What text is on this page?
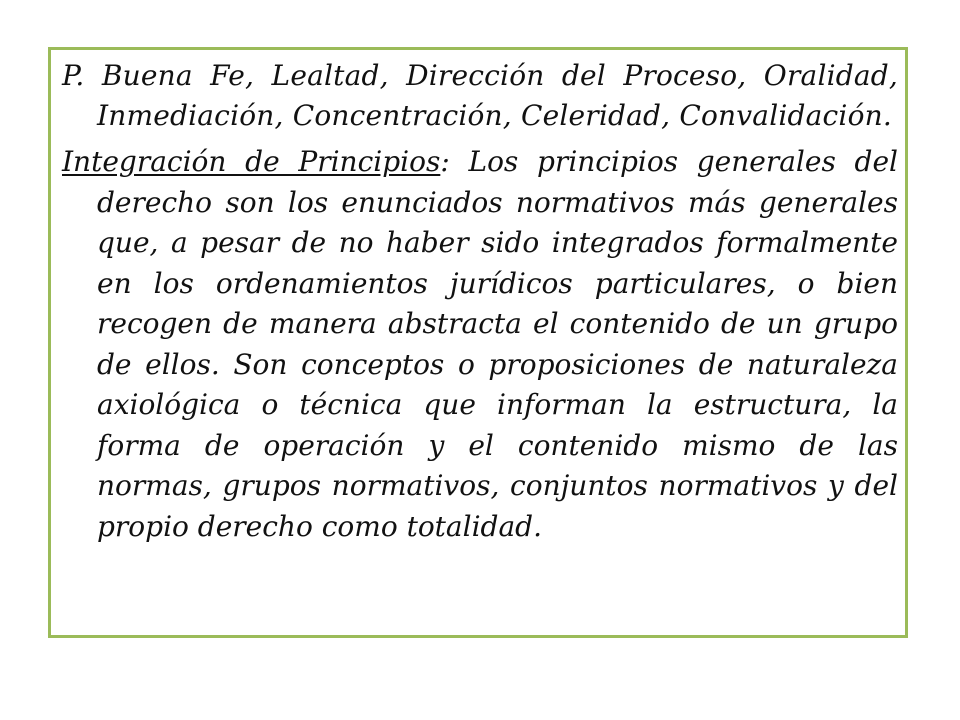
P. Buena Fe, Lealtad, Dirección del Proceso, Oralidad, Inmediación, Concentración, Celeridad, Convalidación.

Integración de Principios: Los principios generales del derecho son los enunciados normativos más generales que, a pesar de no haber sido integrados formalmente en los ordenamientos jurídicos particulares, o bien recogen de manera abstracta el contenido de un grupo de ellos. Son conceptos o proposiciones de naturaleza axiológica o técnica que informan la estructura, la forma de operación y el contenido mismo de las normas, grupos normativos, conjuntos normativos y del propio derecho como totalidad.
